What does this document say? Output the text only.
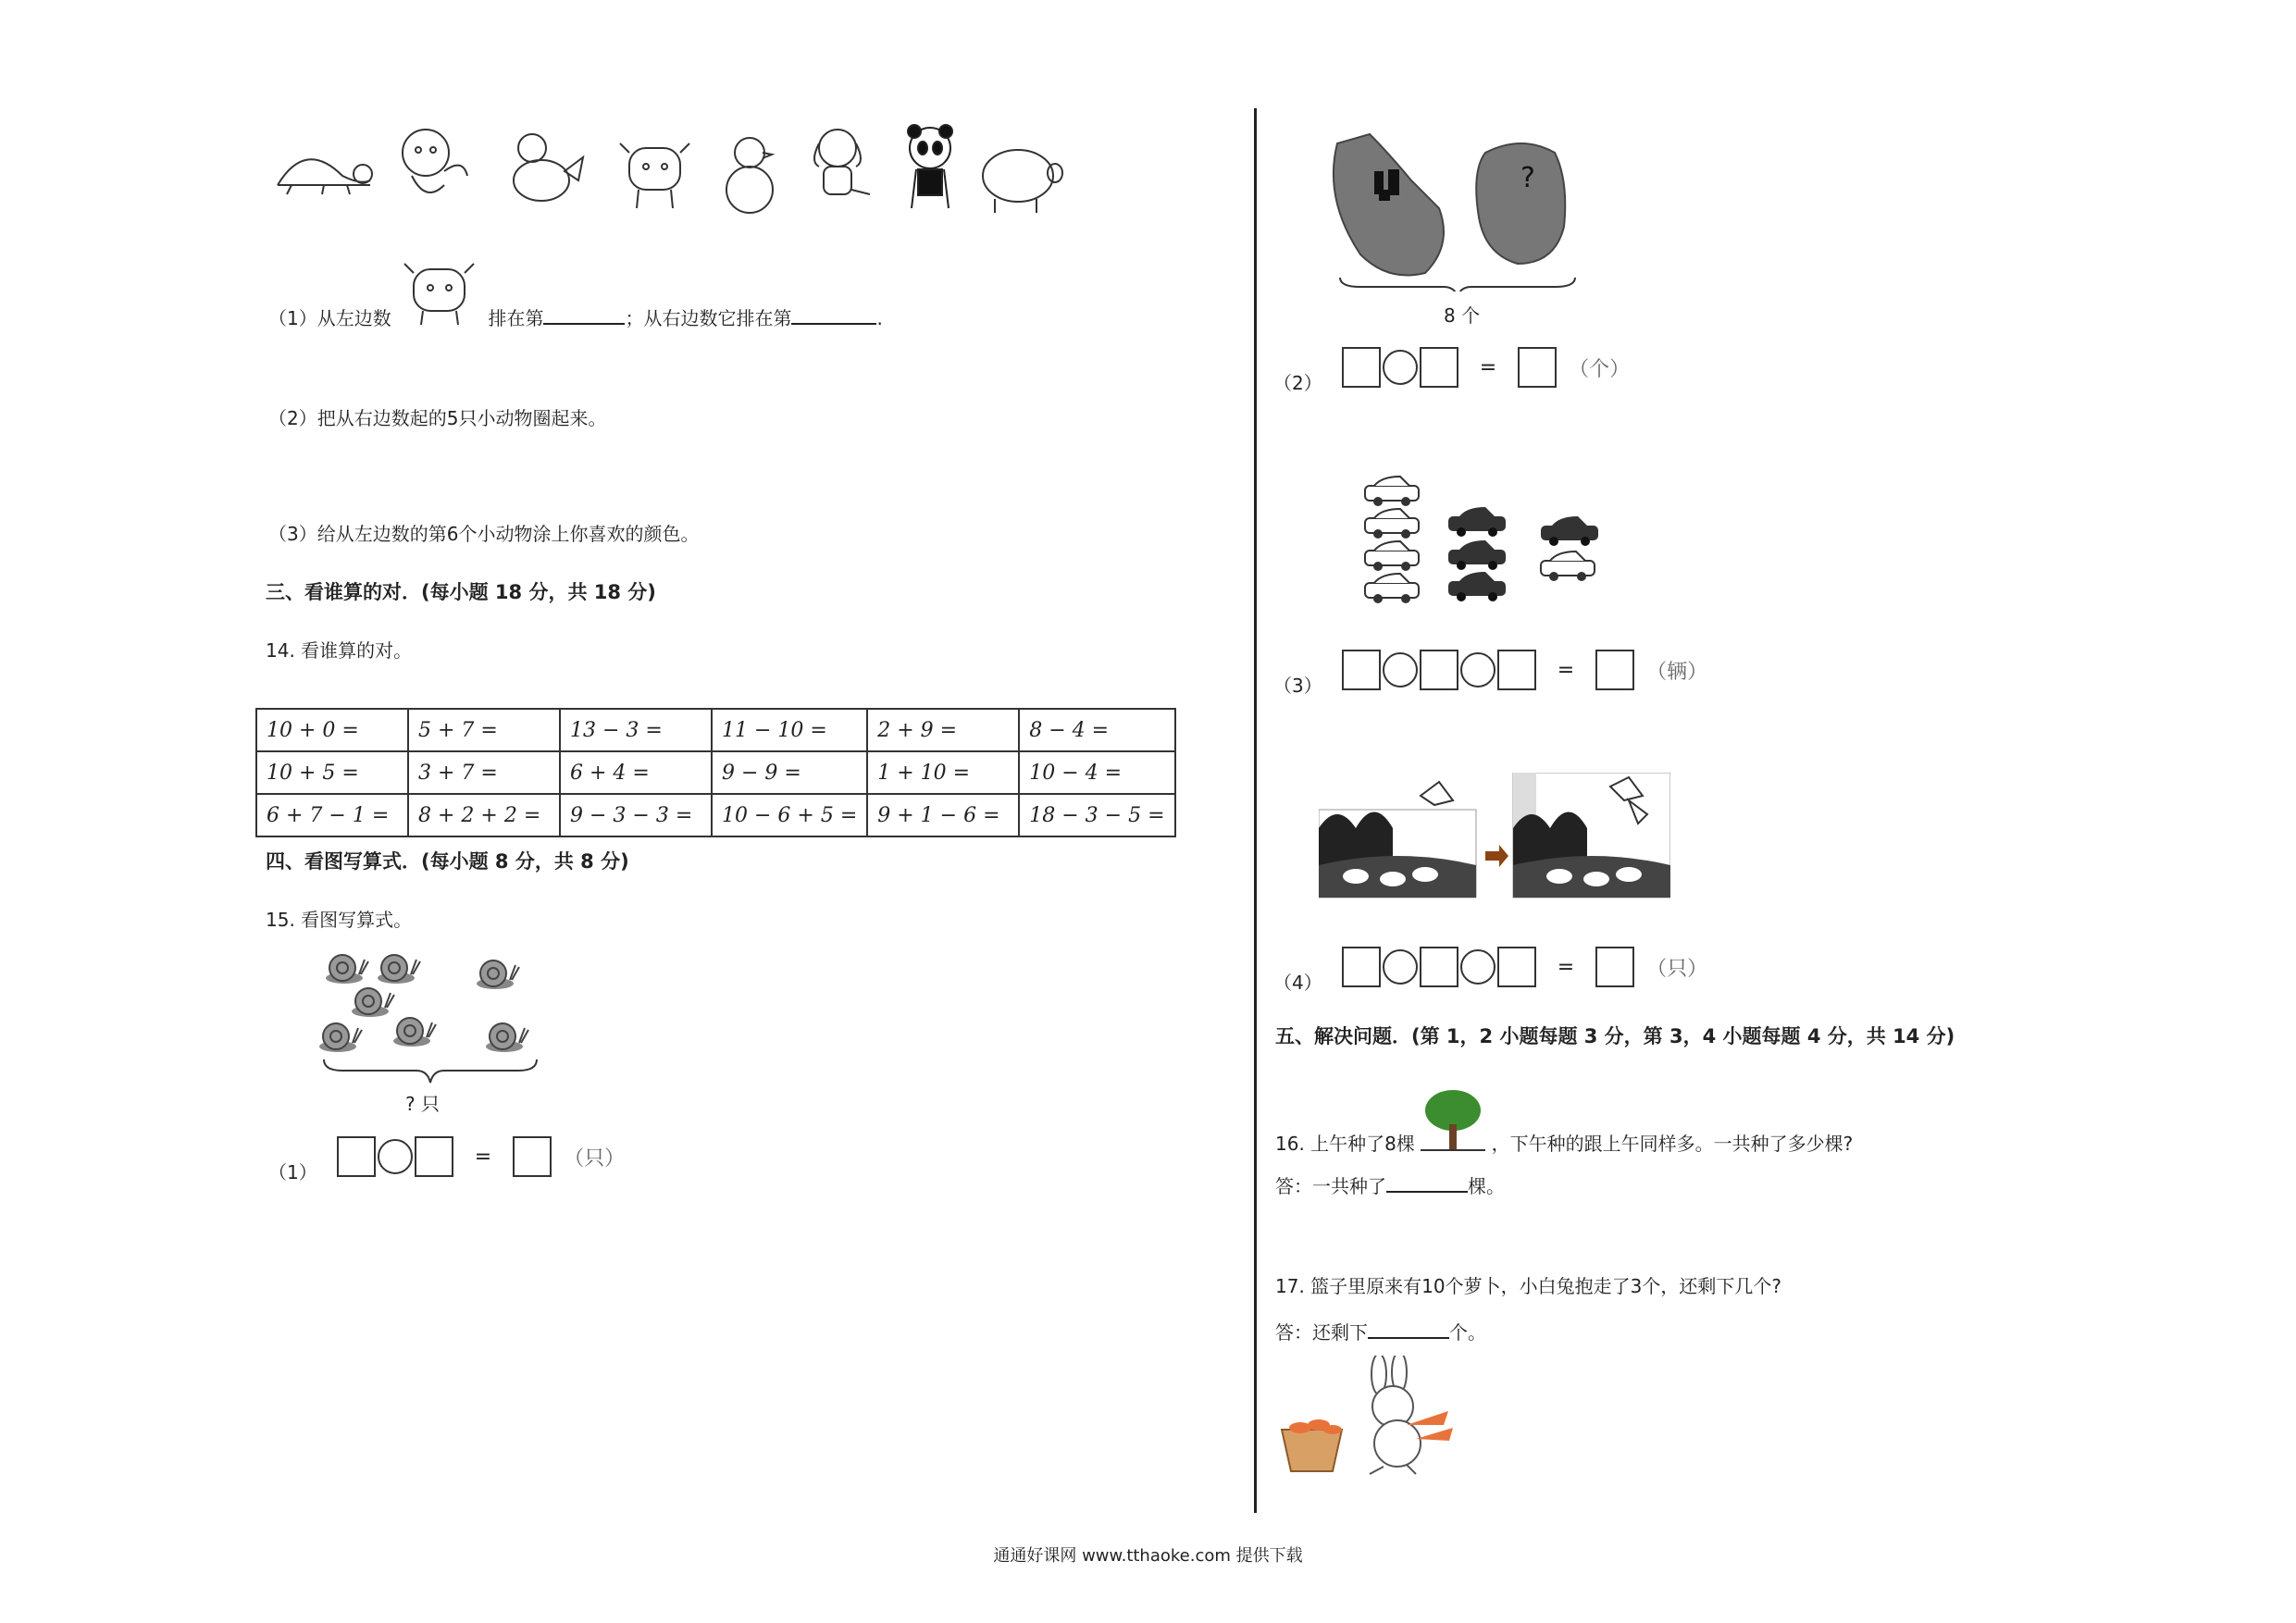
（1）从左边数	排在第	；从右边数它排在第	.
（2）把从右边数起的5只小动物圈起来。
（3）给从左边数的第6个小动物涂上你喜欢的颜色。
三、看谁算的对．(每小题 18 分，共 18 分)
14. 看谁算的对。
10 + 0 =	5 + 7 =	13 − 3 =	11 − 10 =	2 + 9 =	8 − 4 =
10 + 5 =	3 + 7 =	6 + 4 =	9 − 9 =	1 + 10 =	10 − 4 =
6 + 7 − 1 =	8 + 2 + 2 =	9 − 3 − 3 =	10 − 6 + 5 =	9 + 1 − 6 =	18 − 3 − 5 =
四、看图写算式．(每小题 8 分，共 8 分)
15. 看图写算式。
? 只
（1）  =	（只）
?
8 个
（2）  =	（个）
（3）  =	（辆）
（4）  =	（只）
五、解决问题．(第 1，2 小题每题 3 分，第 3，4 小题每题 4 分，共 14 分)
16. 上午种了8棵	，下午种的跟上午同样多。一共种了多少棵?
答：一共种了	棵。
17. 篮子里原来有10个萝卜，小白兔抱走了3个，还剩下几个?
答：还剩下	个。
通通好课网 www.tthaoke.com 提供下载
